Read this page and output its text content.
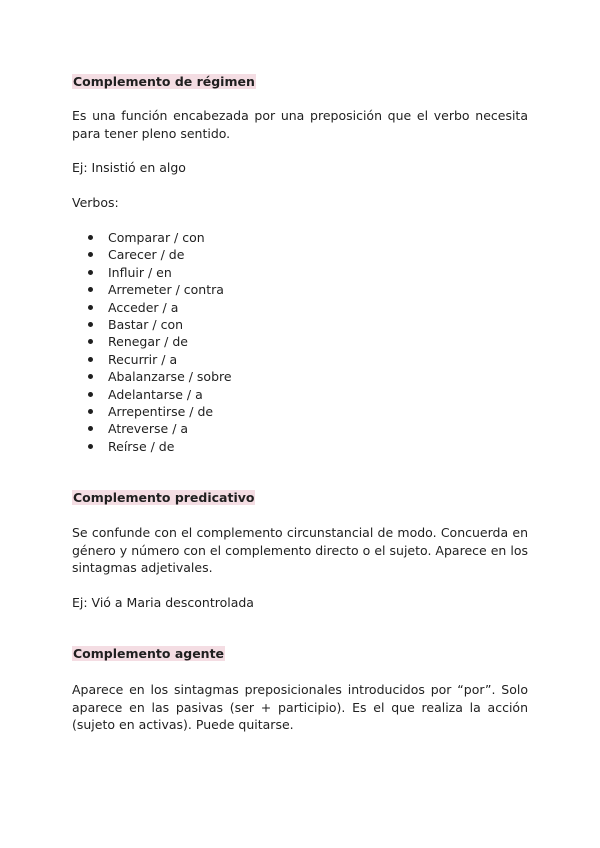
Complemento de régimen
Es una función encabezada por una preposición que el verbo necesita para tener pleno sentido.
Ej: Insistió en algo
Verbos:
Comparar / con
Carecer / de
Influir / en
Arremeter / contra
Acceder / a
Bastar / con
Renegar / de
Recurrir / a
Abalanzarse / sobre
Adelantarse / a
Arrepentirse / de
Atreverse / a
Reírse / de
Complemento predicativo
Se confunde con el complemento circunstancial de modo. Concuerda en género y número con el complemento directo o el sujeto. Aparece en los sintagmas adjetivales.
Ej: Vió a Maria descontrolada
Complemento agente
Aparece en los sintagmas preposicionales introducidos por “por”. Solo aparece en las pasivas (ser + participio). Es el que realiza la acción (sujeto en activas). Puede quitarse.
